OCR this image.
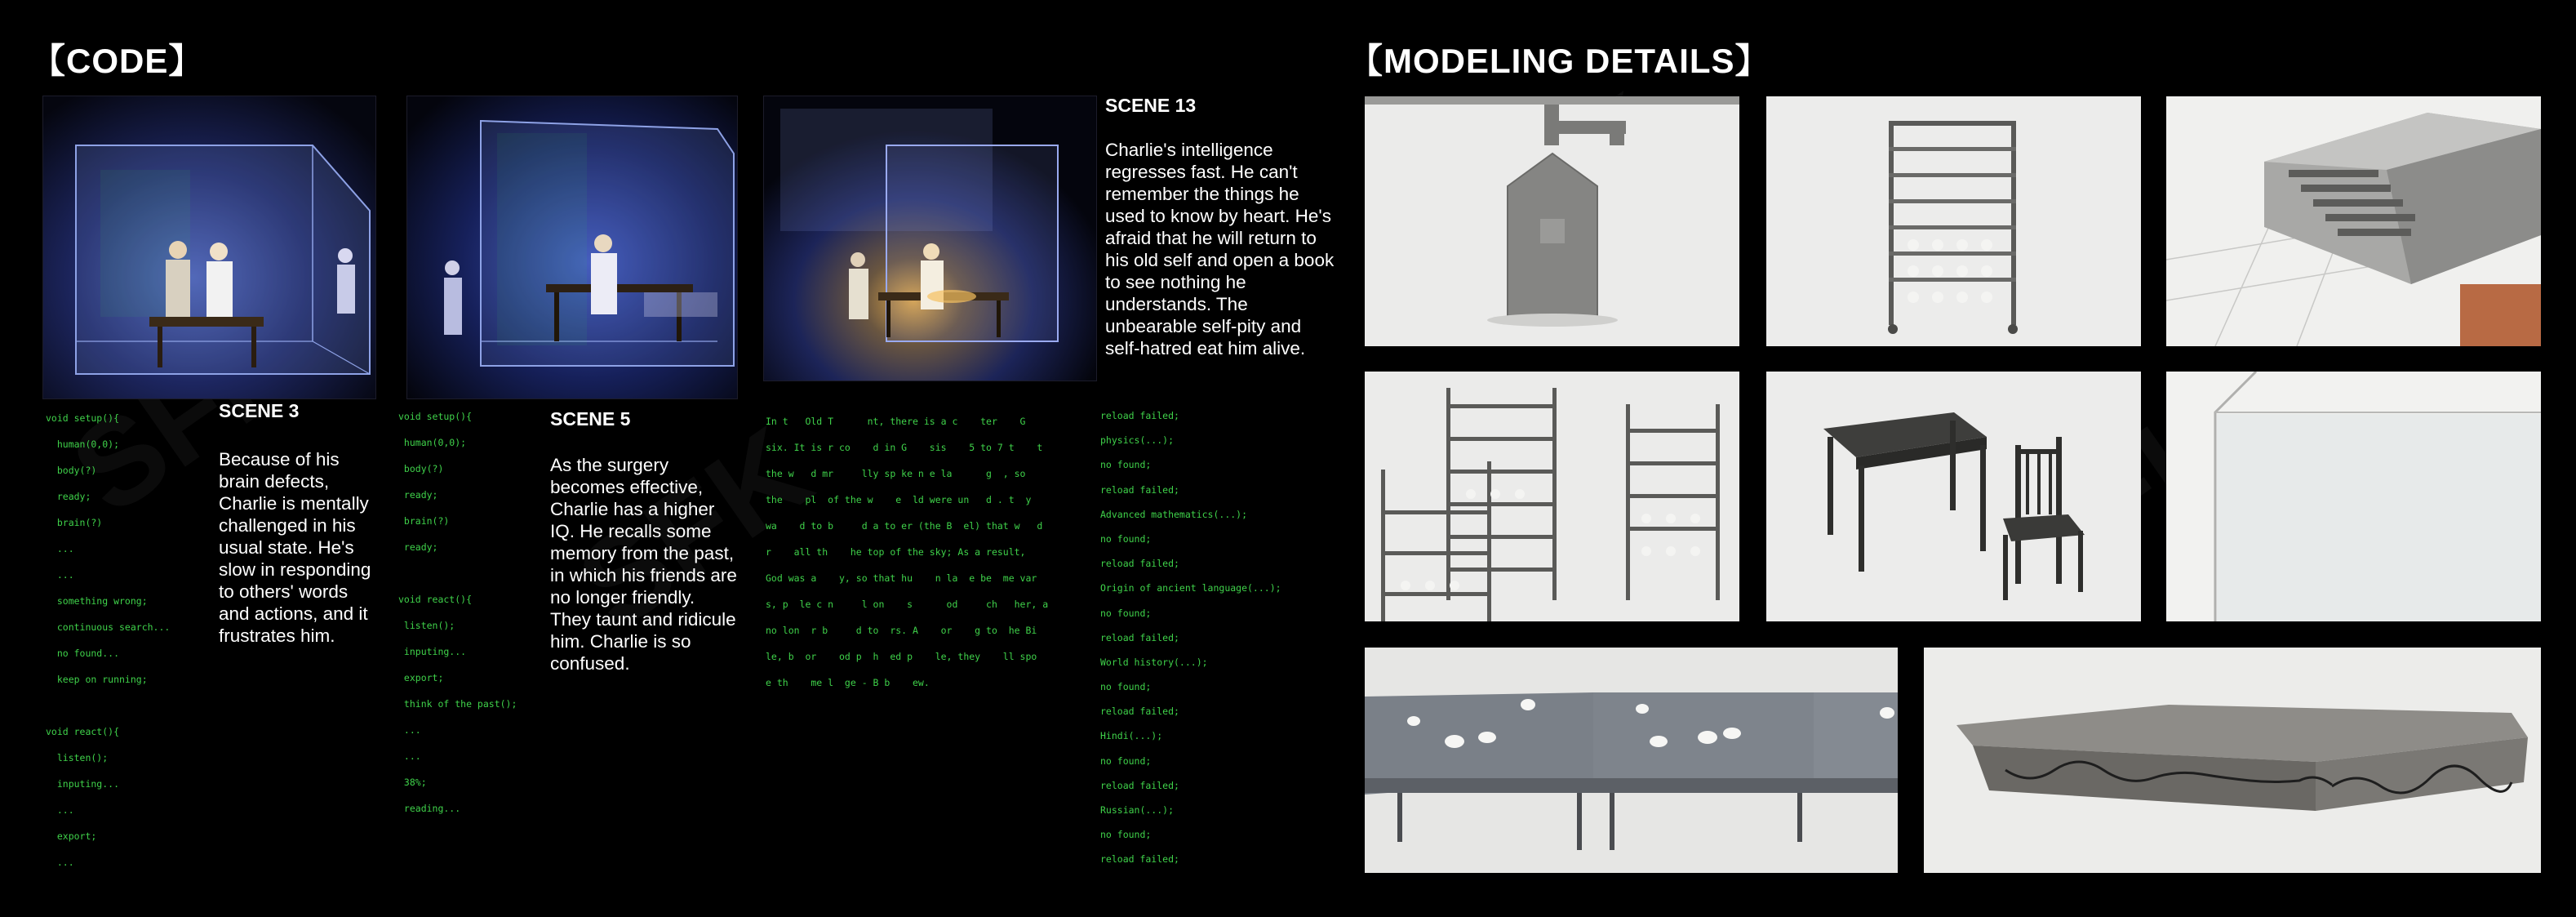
【CODE】	【MODELING DETAILS】
void setup(){
human(0,0);
body(?)
ready;
brain(?)
...
...
something wrong;
continuous search...
no found...
keep on running;
void react(){
listen();
inputing...
...
export;
...
SCENE 3
Because of his brain defects, Charlie is mentally challenged in his usual state. He's slow in responding to others' words and actions, and it frustrates him.
void setup(){
human(0,0);
body(?)
ready;
brain(?)
ready;
void react(){
listen();
inputing...
export;
think of the past();
...
...
38%;
reading...
SCENE 5
As the surgery becomes effective, Charlie has a higher IQ. He recalls some memory from the past, in which his friends are no longer friendly. They taunt and ridicule him. Charlie is so confused.
SCENE 13
Charlie's intelligence regresses fast. He can't remember the things he used to know by heart. He's afraid that he will return to his old self and open a book to see nothing he understands. The unbearable self-pity and self-hatred eat him alive.
In t   Old T      nt, there is a c    ter    G
six. It is r co    d in G    sis    5 to 7 t    t
the w   d mr     lly sp ke n e la      g  , so
the    pl  of the w    e  ld were un   d . t  y
wa    d to b     d a to er (the B  el) that w   d
r    all th    he top of the sky; As a result,
God was a    y, so that hu    n la  e be  me var
s, p  le c n     l on    s      od     ch   her, a
no lon  r b     d to  rs. A    or    g to  he Bi
le, b  or    od p  h  ed p    le, they    ll spo
e th    me l  ge - B b    ew.
reload failed;
physics(...);
no found;
reload failed;
Advanced mathematics(...);
no found;
reload failed;
Origin of ancient language(...);
no found;
reload failed;
World history(...);
no found;
reload failed;
Hindi(...);
no found;
reload failed;
Russian(...);
no found;
reload failed;
